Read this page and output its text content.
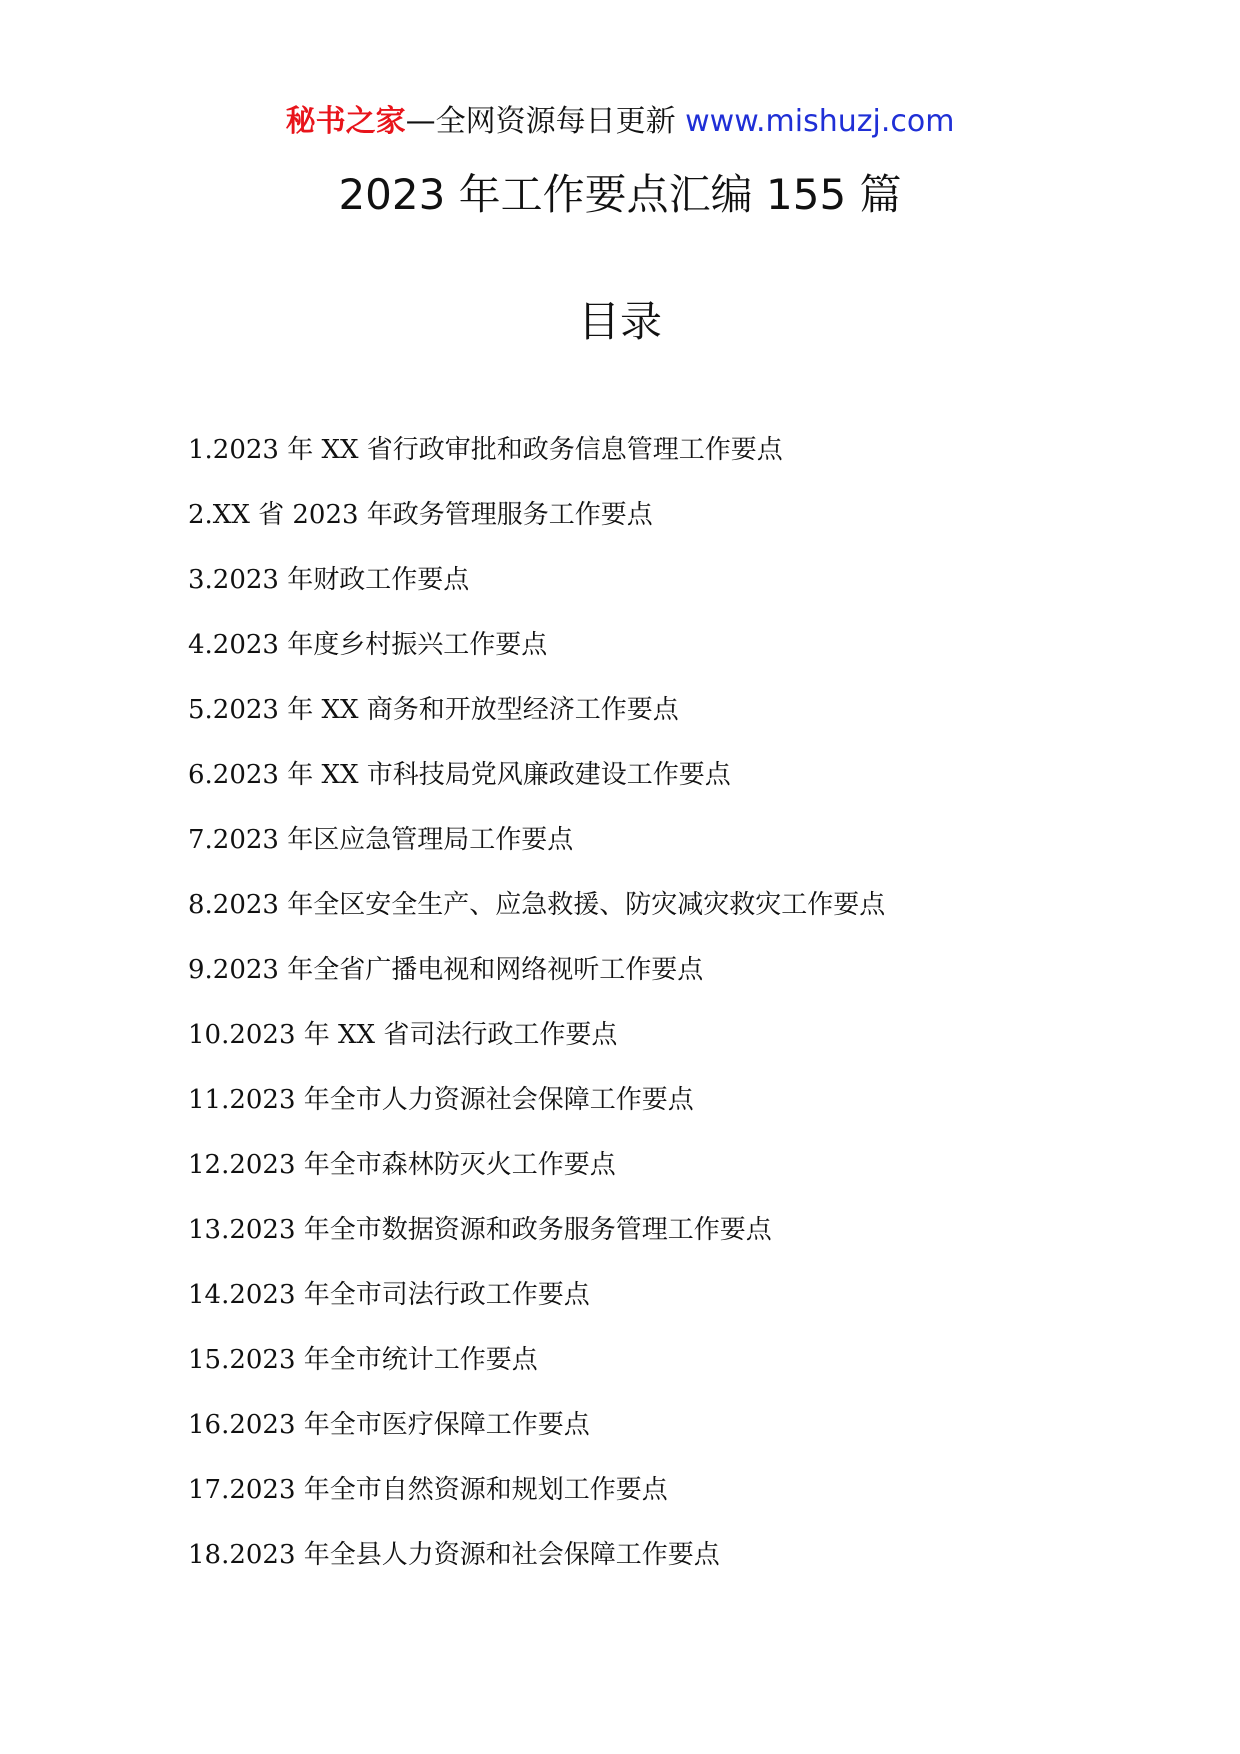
秘书之家—全网资源每日更新 www.mishuzj.com
2023 年工作要点汇编 155 篇
目录
1.2023 年 XX 省行政审批和政务信息管理工作要点
2.XX 省 2023 年政务管理服务工作要点
3.2023 年财政工作要点
4.2023 年度乡村振兴工作要点
5.2023 年 XX 商务和开放型经济工作要点
6.2023 年 XX 市科技局党风廉政建设工作要点
7.2023 年区应急管理局工作要点
8.2023 年全区安全生产、应急救援、防灾减灾救灾工作要点
9.2023 年全省广播电视和网络视听工作要点
10.2023 年 XX 省司法行政工作要点
11.2023 年全市人力资源社会保障工作要点
12.2023 年全市森林防灭火工作要点
13.2023 年全市数据资源和政务服务管理工作要点
14.2023 年全市司法行政工作要点
15.2023 年全市统计工作要点
16.2023 年全市医疗保障工作要点
17.2023 年全市自然资源和规划工作要点
18.2023 年全县人力资源和社会保障工作要点
